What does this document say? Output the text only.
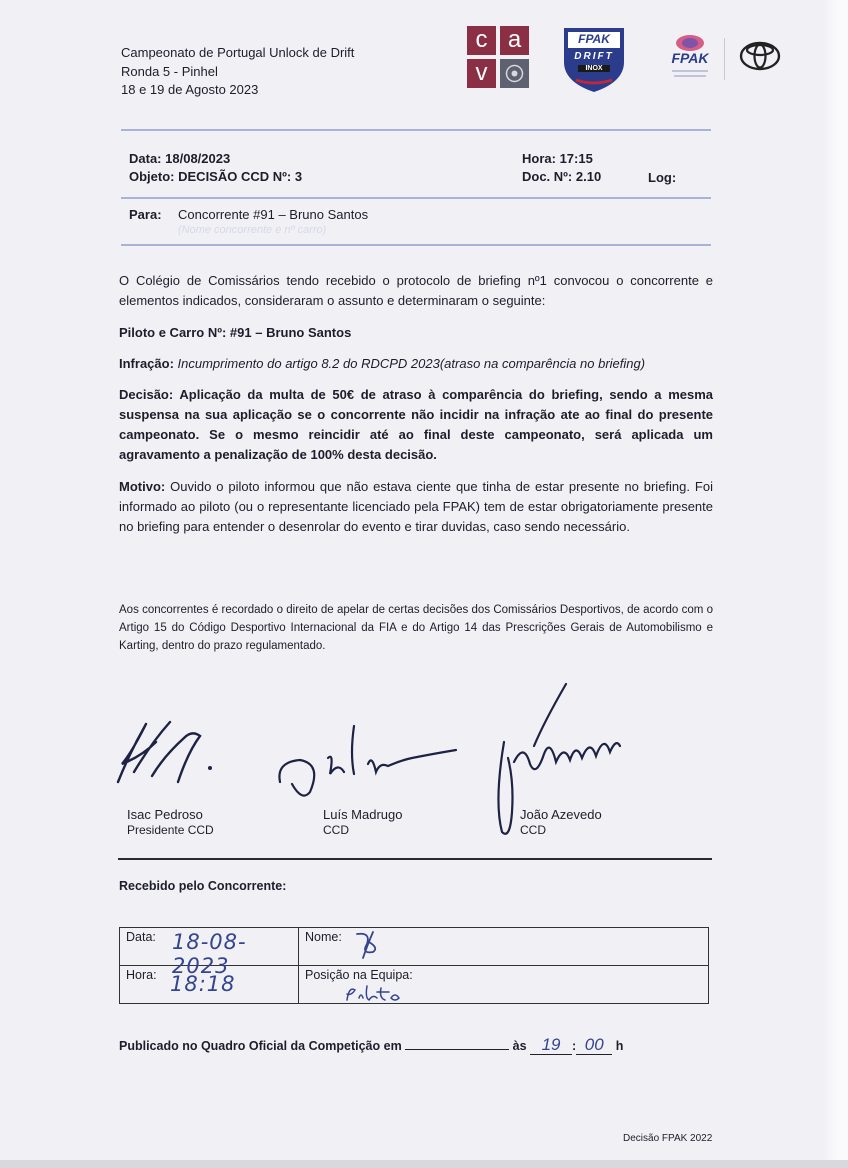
Campeonato de Portugal Unlock de Drift
Ronda 5 - Pinhel
18 e 19 de Agosto 2023
c a
v
FPAK
DRIFT
INOX
FPAK
Data: 18/08/2023
Objeto: DECISÃO CCD Nº: 3
Hora: 17:15
Doc. Nº: 2.10	Log:
Para: Concorrente #91 – Bruno Santos
(Nome concorrente e nº carro)
O Colégio de Comissários tendo recebido o protocolo de briefing nº1 convocou o concorrente e elementos indicados, consideraram o assunto e determinaram o seguinte:
Piloto e Carro Nº: #91 – Bruno Santos
Infração: Incumprimento do artigo 8.2 do RDCPD 2023(atraso na comparência no briefing)
Decisão: Aplicação da multa de 50€ de atraso à comparência do briefing, sendo a mesma suspensa na sua aplicação se o concorrente não incidir na infração ate ao final do presente campeonato. Se o mesmo reincidir até ao final deste campeonato, será aplicada um agravamento a penalização de 100% desta decisão.
Motivo: Ouvido o piloto informou que não estava ciente que tinha de estar presente no briefing. Foi informado ao piloto (ou o representante licenciado pela FPAK) tem de estar obrigatoriamente presente no briefing para entender o desenrolar do evento e tirar duvidas, caso sendo necessário.
Aos concorrentes é recordado o direito de apelar de certas decisões dos Comissários Desportivos, de acordo com o Artigo 15 do Código Desportivo Internacional da FIA e do Artigo 14 das Prescrições Gerais de Automobilismo e Karting, dentro do prazo regulamentado.
Isac Pedroso
Presidente CCD
Luís Madrugo
CCD
João Azevedo
CCD
Recebido pelo Concorrente:
Data: 18-08-2023	Nome:

Hora: 18:18	Posição na Equipa:
Publicado no Quadro Oficial da Competição em	às 19 : 00 h
Decisão FPAK 2022
